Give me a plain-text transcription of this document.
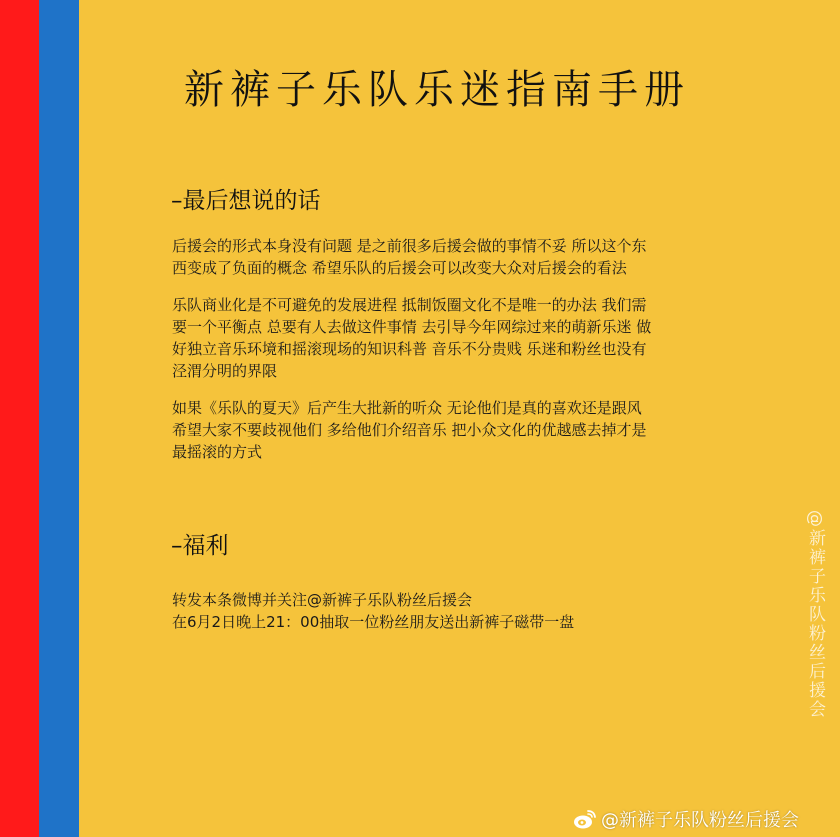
新裤子乐队乐迷指南手册
–最后想说的话

后援会的形式本身没有问题 是之前很多后援会做的事情不妥 所以这个东
西变成了负面的概念 希望乐队的后援会可以改变大众对后援会的看法

乐队商业化是不可避免的发展进程 抵制饭圈文化不是唯一的办法 我们需
要一个平衡点 总要有人去做这件事情 去引导今年网综过来的萌新乐迷 做
好独立音乐环境和摇滚现场的知识科普 音乐不分贵贱 乐迷和粉丝也没有
泾渭分明的界限

如果《乐队的夏天》后产生大批新的听众 无论他们是真的喜欢还是跟风
希望大家不要歧视他们 多给他们介绍音乐 把小众文化的优越感去掉才是
最摇滚的方式

–福利

转发本条微博并关注@新裤子乐队粉丝后援会
在6月2日晚上21：00抽取一位粉丝朋友送出新裤子磁带一盘	@新裤子乐队粉丝后援会
@新裤子乐队粉丝后援会
